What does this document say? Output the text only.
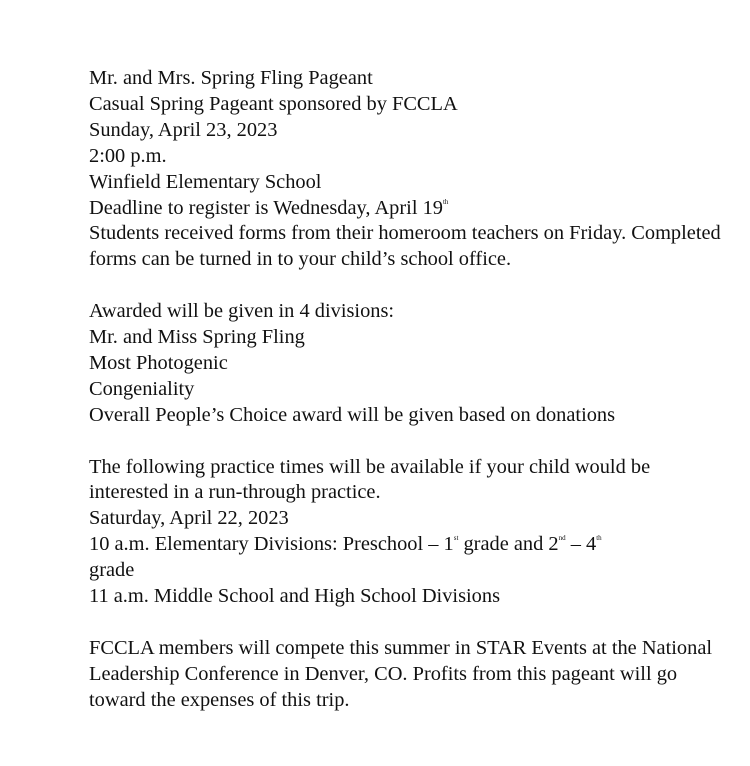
Mr. and Mrs. Spring Fling Pageant
Casual Spring Pageant sponsored by FCCLA
Sunday, April 23, 2023
2:00 p.m.
Winfield Elementary School
Deadline to register is Wednesday, April 19th
Students received forms from their homeroom teachers on Friday. Completed forms can be turned in to your child’s school office.
Awarded will be given in 4 divisions:
Mr. and Miss Spring Fling
Most Photogenic
Congeniality
Overall People’s Choice award will be given based on donations
The following practice times will be available if your child would be interested in a run-through practice.
Saturday, April 22, 2023
10 a.m. Elementary Divisions: Preschool – 1st grade and 2nd – 4th
grade
11 a.m. Middle School and High School Divisions
FCCLA members will compete this summer in STAR Events at the National Leadership Conference in Denver, CO. Profits from this pageant will go toward the expenses of this trip.
